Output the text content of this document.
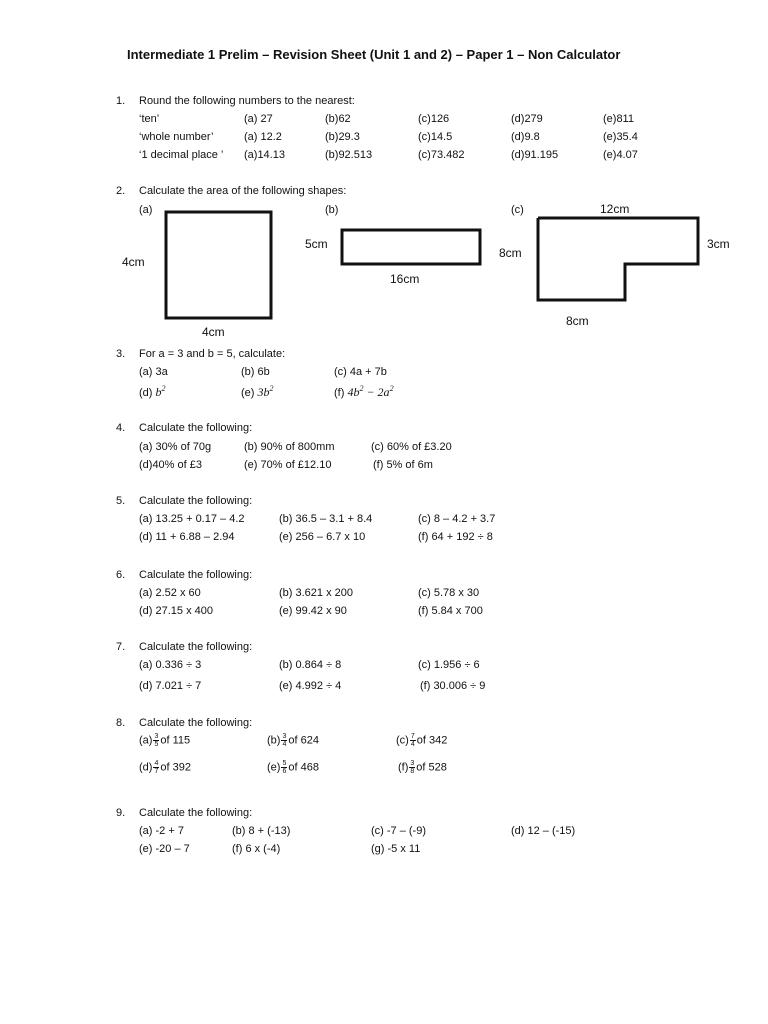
Intermediate 1 Prelim – Revision Sheet (Unit 1 and 2) – Paper 1 – Non Calculator
1. Round the following numbers to the nearest:
‘ten’	(a) 27	(b)62	(c)126	(d)279	(e)811
‘whole number’	(a) 12.2	(b)29.3	(c)14.5	(d)9.8	(e)35.4
‘1 decimal place ’ (a)14.13	(b)92.513	(c)73.482	(d)91.195	(e)4.07
2. Calculate the area of the following shapes:
(a)	(b)	(c)
4cm
4cm
5cm
16cm
12cm
8cm
3cm
8cm
3. For a = 3 and b = 5, calculate:
(a) 3a	(b) 6b	(c) 4a + 7b
(d) $b^2$	(e) $3b^2$	(f) $4b^2 - 2a^2$
4. Calculate the following:
(a) 30% of 70g	(b) 90% of 800mm	(c) 60% of £3.20
(d)40% of £3	(e) 70% of £12.10	(f) 5% of 6m
5. Calculate the following:
(a) 13.25 + 0.17 – 4.2	(b) 36.5 – 3.1 + 8.4	(c) 8 – 4.2 + 3.7
(d) 11 + 6.88 – 2.94	(e) 256 – 6.7 x 10	(f) 64 + 192 ÷ 8
6. Calculate the following:
(a) 2.52 x 60	(b) 3.621 x 200	(c) 5.78 x 30
(d) 27.15 x 400	(e) 99.42 x 90	(f) 5.84 x 700
7. Calculate the following:
(a) 0.336 ÷ 3	(b) 0.864 ÷ 8	(c) 1.956 ÷ 6
(d) 7.021 ÷ 7	(e) 4.992 ÷ 4	(f) 30.006 ÷ 9
8. Calculate the following:
$(a) \frac{3}{5}$ of 115	$(b) \frac{3}{4}$ of 624	$(c) \frac{7}{4}$ of 342
$(d) \frac{4}{7}$ of 392	$(e) \frac{5}{6}$ of 468	$(f) \frac{3}{8}$ of 528
9. Calculate the following:
(a) -2 + 7	(b) 8 + (-13)	(c) -7 – (-9)	(d) 12 – (-15)
(e) -20 – 7	(f) 6 x (-4)	(g) -5 x 11
